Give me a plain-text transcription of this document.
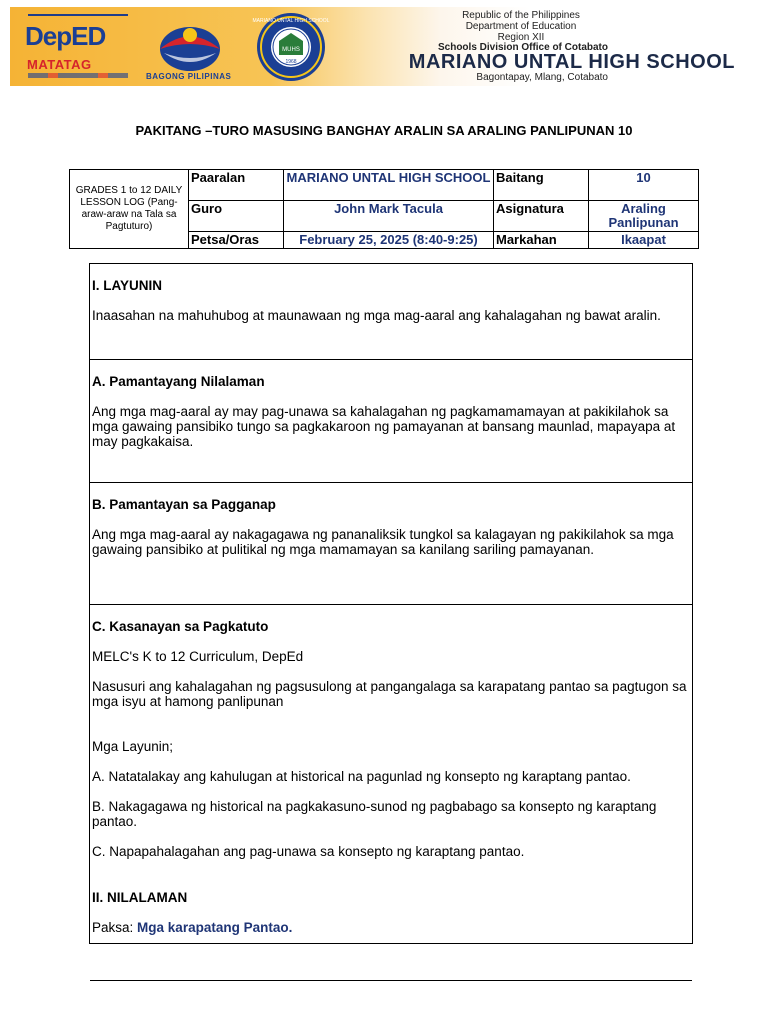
DepED
MATATAG
BAGONG PILIPINAS
MUHS
1968
MARIANO UNTAL HIGH SCHOOL	Republic of the Philippines
Department of Education
Region XII
Schools Division Office of Cotabato
MARIANO UNTAL HIGH SCHOOL
Bagontapay, Mlang, Cotabato
PAKITANG –TURO MASUSING BANGHAY ARALIN SA ARALING PANLIPUNAN 10
GRADES 1 to 12 DAILY LESSON LOG (Pang-araw-araw na Tala sa Pagtuturo)	Paaralan	MARIANO UNTAL HIGH SCHOOL	Baitang	10
	Guro	John Mark Tacula	Asignatura	Araling Panlipunan
	Petsa/Oras	February 25, 2025 (8:40-9:25)	Markahan	Ikaapat

I. LAYUNIN

Inaasahan na mahuhubog at maunawaan ng mga mag-aaral ang kahalagahan ng bawat aralin.

A. Pamantayang Nilalaman

Ang mga mag-aaral ay may pag-unawa sa kahalagahan ng pagkamamamayan at pakikilahok sa mga gawaing pansibiko tungo sa pagkakaroon ng pamayanan at bansang maunlad, mapayapa at may pagkakaisa.

B. Pamantayan sa Pagganap

Ang mga mag-aaral ay nakagagawa ng pananaliksik tungkol sa kalagayan ng pakikilahok sa mga gawaing pansibiko at pulitikal ng mga mamamayan sa kanilang sariling pamayanan.

C. Kasanayan sa Pagkatuto

MELC's K to 12 Curriculum, DepEd

Nasusuri ang kahalagahan ng pagsusulong at pangangalaga sa karapatang pantao sa pagtugon sa mga isyu at hamong panlipunan

Mga Layunin;

A. Natatalakay ang kahulugan at historical na pagunlad ng konsepto ng karaptang pantao.

B. Nakagagawa ng historical na pagkakasuno-sunod ng pagbabago sa konsepto ng karaptang pantao.

C. Napapahalagahan ang pag-unawa sa konsepto ng karaptang pantao.

II. NILALAMAN

Paksa: Mga karapatang Pantao.
